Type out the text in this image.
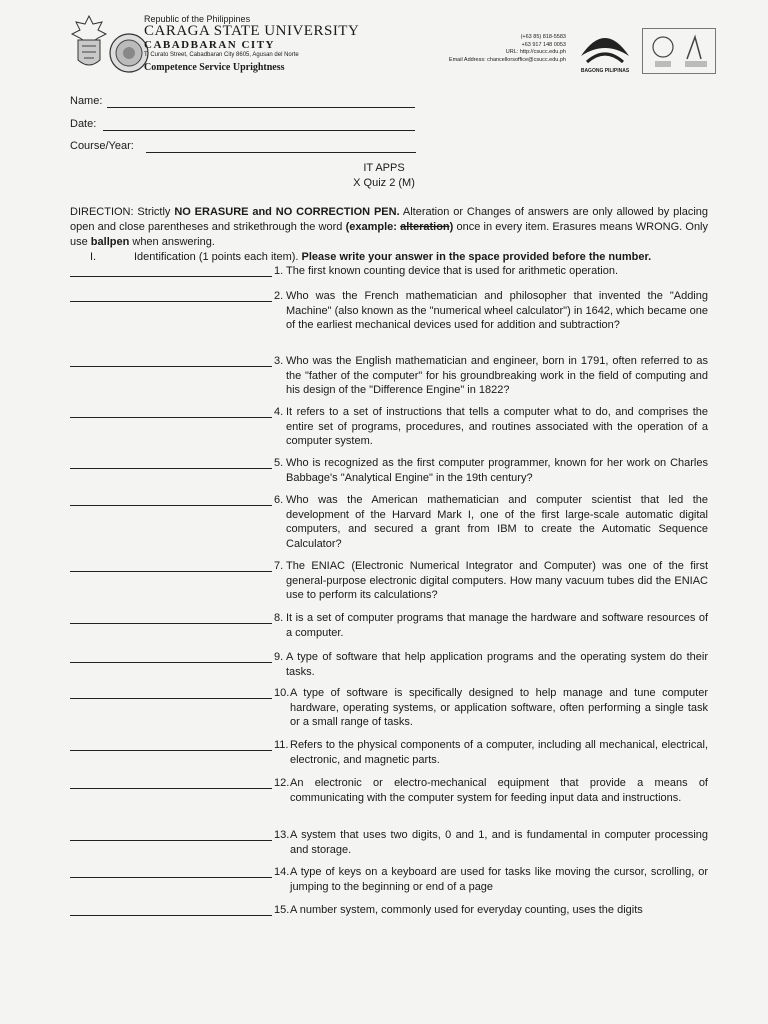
Republic of the Philippines
CARAGA STATE UNIVERSITY
CABADBARAN CITY
T. Curato Street, Cabadbaran City 8605, Agusan del Norte
Competence Service Uprightness
(+63 85) 818-5583
+63 917 148 0053
URL: http://csucc.edu.ph
Email Address: chancellorsoffice@csucc.edu.ph
BAGONG PILIPINAS
Name:
Date:
Course/Year:
IT APPS
X Quiz 2 (M)
DIRECTION: Strictly NO ERASURE and NO CORRECTION PEN. Alteration or Changes of answers are only allowed by placing open and close parentheses and strikethrough the word (example: alteration) once in every item. Erasures means WRONG. Only use ballpen when answering.
I.	Identification (1 points each item). Please write your answer in the space provided before the number.
1. The first known counting device that is used for arithmetic operation.
2. Who was the French mathematician and philosopher that invented the "Adding Machine" (also known as the "numerical wheel calculator") in 1642, which became one of the earliest mechanical devices used for addition and subtraction?
3. Who was the English mathematician and engineer, born in 1791, often referred to as the "father of the computer" for his groundbreaking work in the field of computing and his design of the "Difference Engine" in 1822?
4. It refers to a set of instructions that tells a computer what to do, and comprises the entire set of programs, procedures, and routines associated with the operation of a computer system.
5. Who is recognized as the first computer programmer, known for her work on Charles Babbage's "Analytical Engine" in the 19th century?
6. Who was the American mathematician and computer scientist that led the development of the Harvard Mark I, one of the first large-scale automatic digital computers, and secured a grant from IBM to create the Automatic Sequence Calculator?
7. The ENIAC (Electronic Numerical Integrator and Computer) was one of the first general-purpose electronic digital computers. How many vacuum tubes did the ENIAC use to perform its calculations?
8. It is a set of computer programs that manage the hardware and software resources of a computer.
9. A type of software that help application programs and the operating system do their tasks.
10. A type of software is specifically designed to help manage and tune computer hardware, operating systems, or application software, often performing a single task or a small range of tasks.
11. Refers to the physical components of a computer, including all mechanical, electrical, electronic, and magnetic parts.
12. An electronic or electro-mechanical equipment that provide a means of communicating with the computer system for feeding input data and instructions.
13. A system that uses two digits, 0 and 1, and is fundamental in computer processing and storage.
14. A type of keys on a keyboard are used for tasks like moving the cursor, scrolling, or jumping to the beginning or end of a page
15. A number system, commonly used for everyday counting, uses the digits
